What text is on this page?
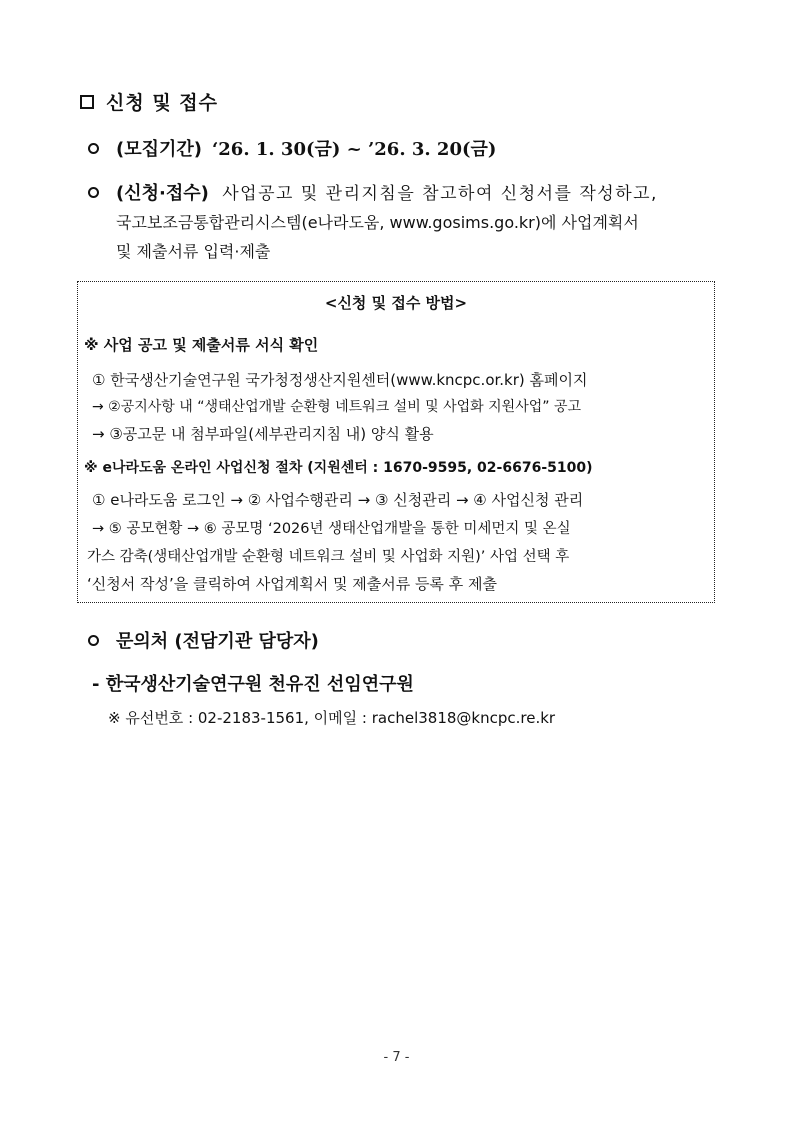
신청 및 접수
(모집기간) ‘26. 1. 30(금) ~ ’26. 3. 20(금)
(신청·접수) 사업공고 및 관리지침을 참고하여 신청서를 작성하고,
국고보조금통합관리시스템(e나라도움, www.gosims.go.kr)에 사업계획서
및 제출서류 입력·제출
<신청 및 접수 방법>
※ 사업 공고 및 제출서류 서식 확인
① 한국생산기술연구원 국가청정생산지원센터(www.kncpc.or.kr) 홈페이지
→ ②공지사항 내 “생태산업개발 순환형 네트워크 설비 및 사업화 지원사업” 공고
→ ③공고문 내 첨부파일(세부관리지침 내) 양식 활용
※ e나라도움 온라인 사업신청 절차 (지원센터 : 1670-9595, 02-6676-5100)
① e나라도움 로그인 → ② 사업수행관리 → ③ 신청관리 → ④ 사업신청 관리
→ ⑤ 공모현황 → ⑥ 공모명 ‘2026년 생태산업개발을 통한 미세먼지 및 온실
가스 감축(생태산업개발 순환형 네트워크 설비 및 사업화 지원)’ 사업 선택 후
‘신청서 작성’을 클릭하여 사업계획서 및 제출서류 등록 후 제출
문의처 (전담기관 담당자)
- 한국생산기술연구원 천유진 선임연구원
※ 유선번호 : 02-2183-1561, 이메일 : rachel3818@kncpc.re.kr
- 7 -
